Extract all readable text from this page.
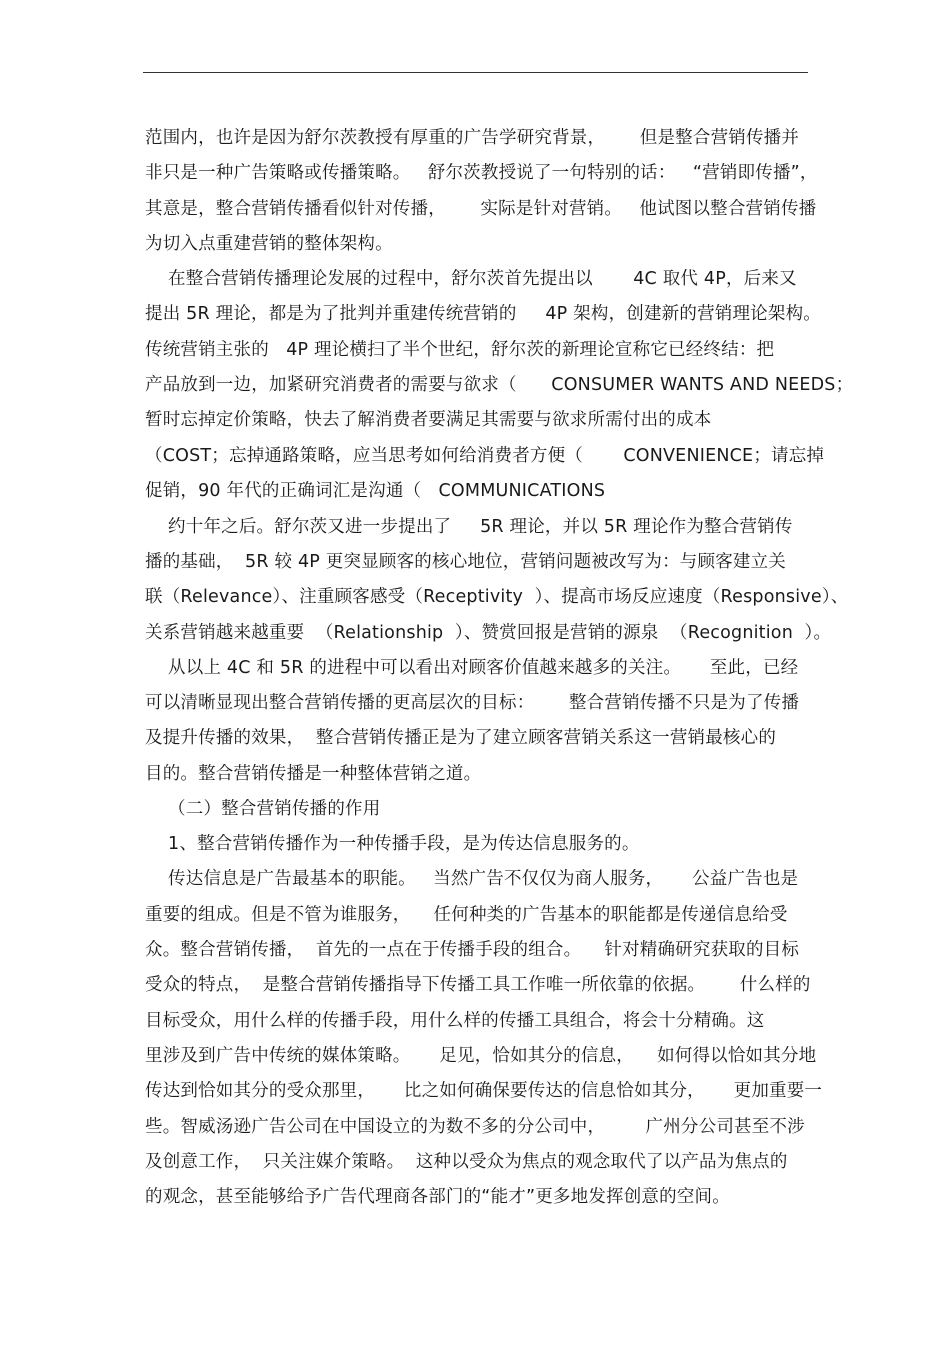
范围内，也许是因为舒尔茨教授有厚重的广告学研究背景，      但是整合营销传播并
非只是一种广告策略或传播策略。   舒尔茨教授说了一句特别的话：   “营销即传播”，
其意是，整合营销传播看似针对传播，      实际是针对营销。   他试图以整合营销传播
为切入点重建营销的整体架构。
在整合营销传播理论发展的过程中，舒尔茨首先提出以       4C 取代 4P，后来又
提出 5R 理论，都是为了批判并重建传统营销的     4P 架构，创建新的营销理论架构。
传统营销主张的   4P 理论横扫了半个世纪，舒尔茨的新理论宣称它已经终结：把
产品放到一边，加紧研究消费者的需要与欲求（      CONSUMER WANTS AND NEEDS；
暂时忘掉定价策略，快去了解消费者要满足其需要与欲求所需付出的成本
（COST；忘掉通路策略，应当思考如何给消费者方便（       CONVENIENCE；请忘掉
促销，90 年代的正确词汇是沟通（   COMMUNICATIONS
约十年之后。舒尔茨又进一步提出了     5R 理论，并以 5R 理论作为整合营销传
播的基础，  5R 较 4P 更突显顾客的核心地位，营销问题被改写为：与顾客建立关
联（Relevance）、注重顾客感受（Receptivity  ）、提高市场反应速度（Responsive）、
关系营销越来越重要  （Relationship  ）、赞赏回报是营销的源泉  （Recognition  ）。
从以上 4C 和 5R 的进程中可以看出对顾客价值越来越多的关注。     至此，已经
可以清晰显现出整合营销传播的更高层次的目标：      整合营销传播不只是为了传播
及提升传播的效果，  整合营销传播正是为了建立顾客营销关系这一营销最核心的
目的。整合营销传播是一种整体营销之道。
（二）整合营销传播的作用
1、整合营销传播作为一种传播手段，是为传达信息服务的。
传达信息是广告最基本的职能。   当然广告不仅仅为商人服务，     公益广告也是
重要的组成。但是不管为谁服务，    任何种类的广告基本的职能都是传递信息给受
众。整合营销传播，  首先的一点在于传播手段的组合。    针对精确研究获取的目标
受众的特点，  是整合营销传播指导下传播工具工作唯一所依靠的依据。      什么样的
目标受众，用什么样的传播手段，用什么样的传播工具组合，将会十分精确。这
里涉及到广告中传统的媒体策略。     足见，恰如其分的信息，    如何得以恰如其分地
传达到恰如其分的受众那里，     比之如何确保要传达的信息恰如其分，     更加重要一
些。智威汤逊广告公司在中国设立的为数不多的分公司中，       广州分公司甚至不涉
及创意工作，  只关注媒介策略。  这种以受众为焦点的观念取代了以产品为焦点的
的观念，甚至能够给予广告代理商各部门的“能才”更多地发挥创意的空间。
